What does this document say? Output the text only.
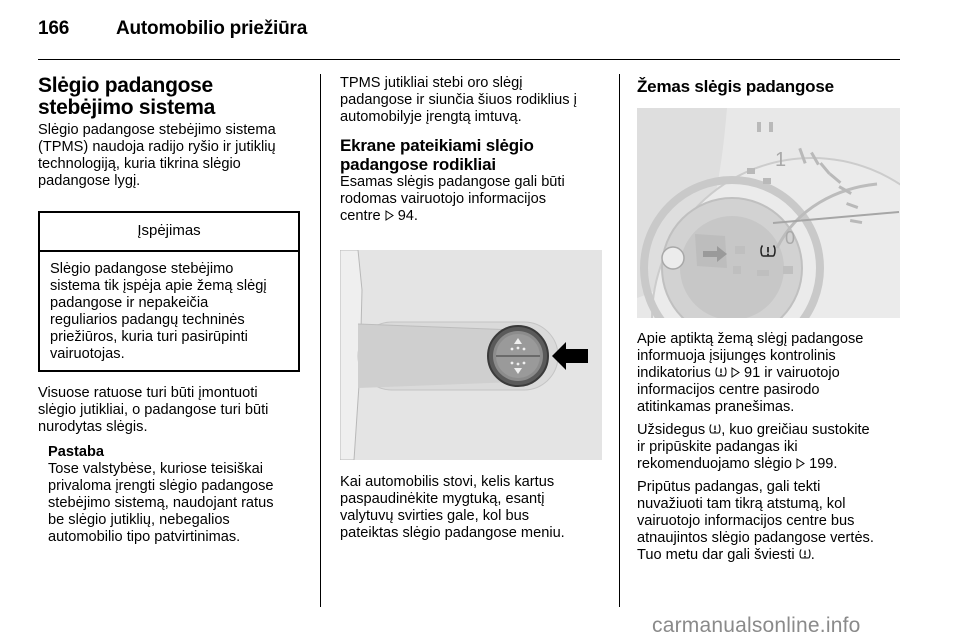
166 Automobilio priežiūra
Slėgio padangose
stebėjimo sistema

Slėgio padangose stebėjimo sistema
(TPMS) naudoja radijo ryšio ir jutiklių
technologiją, kuria tikrina slėgio
padangose lygį.

Įspėjimas
Slėgio padangose stebėjimo
sistema tik įspėja apie žemą slėgį
padangose ir nepakeičia
reguliarios padangų techninės
priežiūros, kuria turi pasirūpinti
vairuotojas.

Visuose ratuose turi būti įmontuoti
slėgio jutikliai, o padangose turi būti
nurodytas slėgis.

Pastaba
Tose valstybėse, kuriose teisiškai
privaloma įrengti slėgio padangose
stebėjimo sistemą, naudojant ratus
be slėgio jutiklių, nebegalios
automobilio tipo patvirtinimas.

TPMS jutikliai stebi oro slėgį
padangose ir siunčia šiuos rodiklius į
automobilyje įrengtą imtuvą.

Ekrane pateikiami slėgio
padangose rodikliai

Esamas slėgis padangose gali būti
rodomas vairuotojo informacijos
centre 94.

Kai automobilis stovi, kelis kartus
paspaudinėkite mygtuką, esantį
valytuvų svirties gale, kol bus
pateiktas slėgio padangose meniu.

Žemas slėgis padangose
1
0

Apie aptiktą žemą slėgį padangose
informuoja įsijungęs kontrolinis
indikatorius 91 ir vairuotojo
informacijos centre pasirodo
atitinkamas pranešimas.

Užsidegus , kuo greičiau sustokite
ir pripūskite padangas iki
rekomenduojamo slėgio 199.

Pripūtus padangas, gali tekti
nuvažiuoti tam tikrą atstumą, kol
vairuotojo informacijos centre bus
atnaujintos slėgio padangose vertės.
Tuo metu dar gali šviesti .

carmanualsonline.info
